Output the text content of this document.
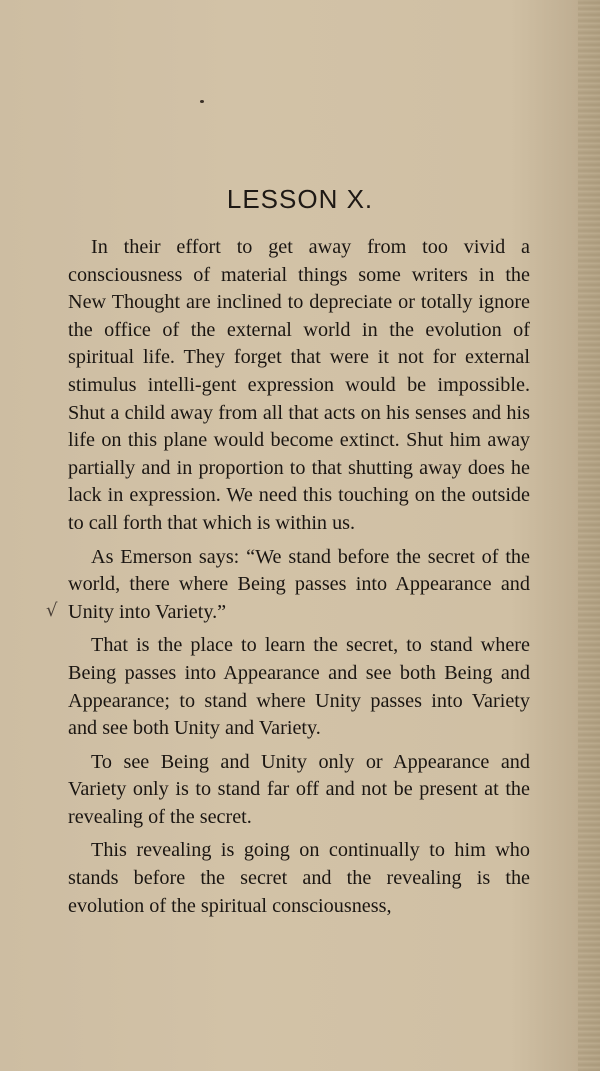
LESSON X.
√

In their effort to get away from too vivid a consciousness of material things some writers in the New Thought are inclined to depreciate or totally ignore the office of the external world in the evolution of spiritual life. They forget that were it not for external stimulus intelli-gent expression would be impossible. Shut a child away from all that acts on his senses and his life on this plane would become extinct. Shut him away partially and in proportion to that shutting away does he lack in expression. We need this touching on the outside to call forth that which is within us.

As Emerson says: “We stand before the secret of the world, there where Being passes into Appearance and Unity into Variety.”

That is the place to learn the secret, to stand where Being passes into Appearance and see both Being and Appearance; to stand where Unity passes into Variety and see both Unity and Variety.

To see Being and Unity only or Appearance and Variety only is to stand far off and not be present at the revealing of the secret.

This revealing is going on continually to him who stands before the secret and the revealing is the evolution of the spiritual consciousness,
